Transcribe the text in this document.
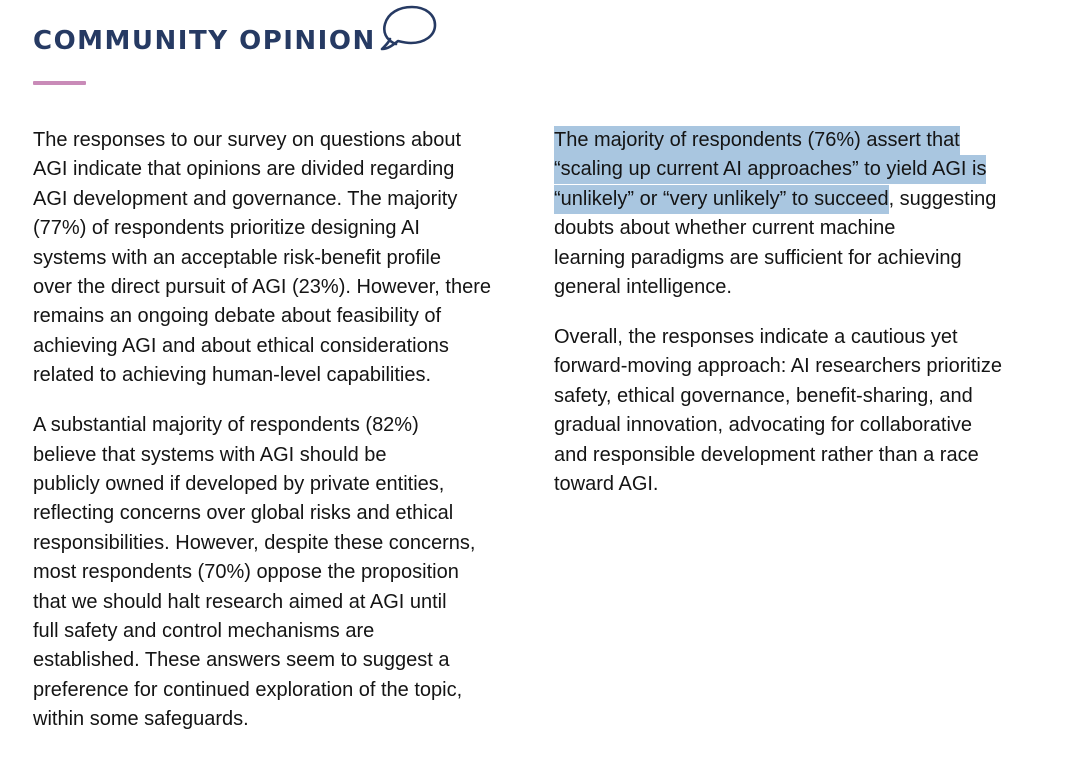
COMMUNITY OPINION

The responses to our survey on questions about
AGI indicate that opinions are divided regarding
AGI development and governance. The majority
(77%) of respondents prioritize designing AI
systems with an acceptable risk-benefit profile
over the direct pursuit of AGI (23%). However, there
remains an ongoing debate about feasibility of
achieving AGI and about ethical considerations
related to achieving human-level capabilities.

A substantial majority of respondents (82%)
believe that systems with AGI should be
publicly owned if developed by private entities,
reflecting concerns over global risks and ethical
responsibilities. However, despite these concerns,
most respondents (70%) oppose the proposition
that we should halt research aimed at AGI until
full safety and control mechanisms are
established. These answers seem to suggest a
preference for continued exploration of the topic,
within some safeguards.

The majority of respondents (76%) assert that
“scaling up current AI approaches” to yield AGI is
“unlikely” or “very unlikely” to succeed, suggesting
doubts about whether current machine
learning paradigms are sufficient for achieving
general intelligence.

Overall, the responses indicate a cautious yet
forward-moving approach: AI researchers prioritize
safety, ethical governance, benefit-sharing, and
gradual innovation, advocating for collaborative
and responsible development rather than a race
toward AGI.
